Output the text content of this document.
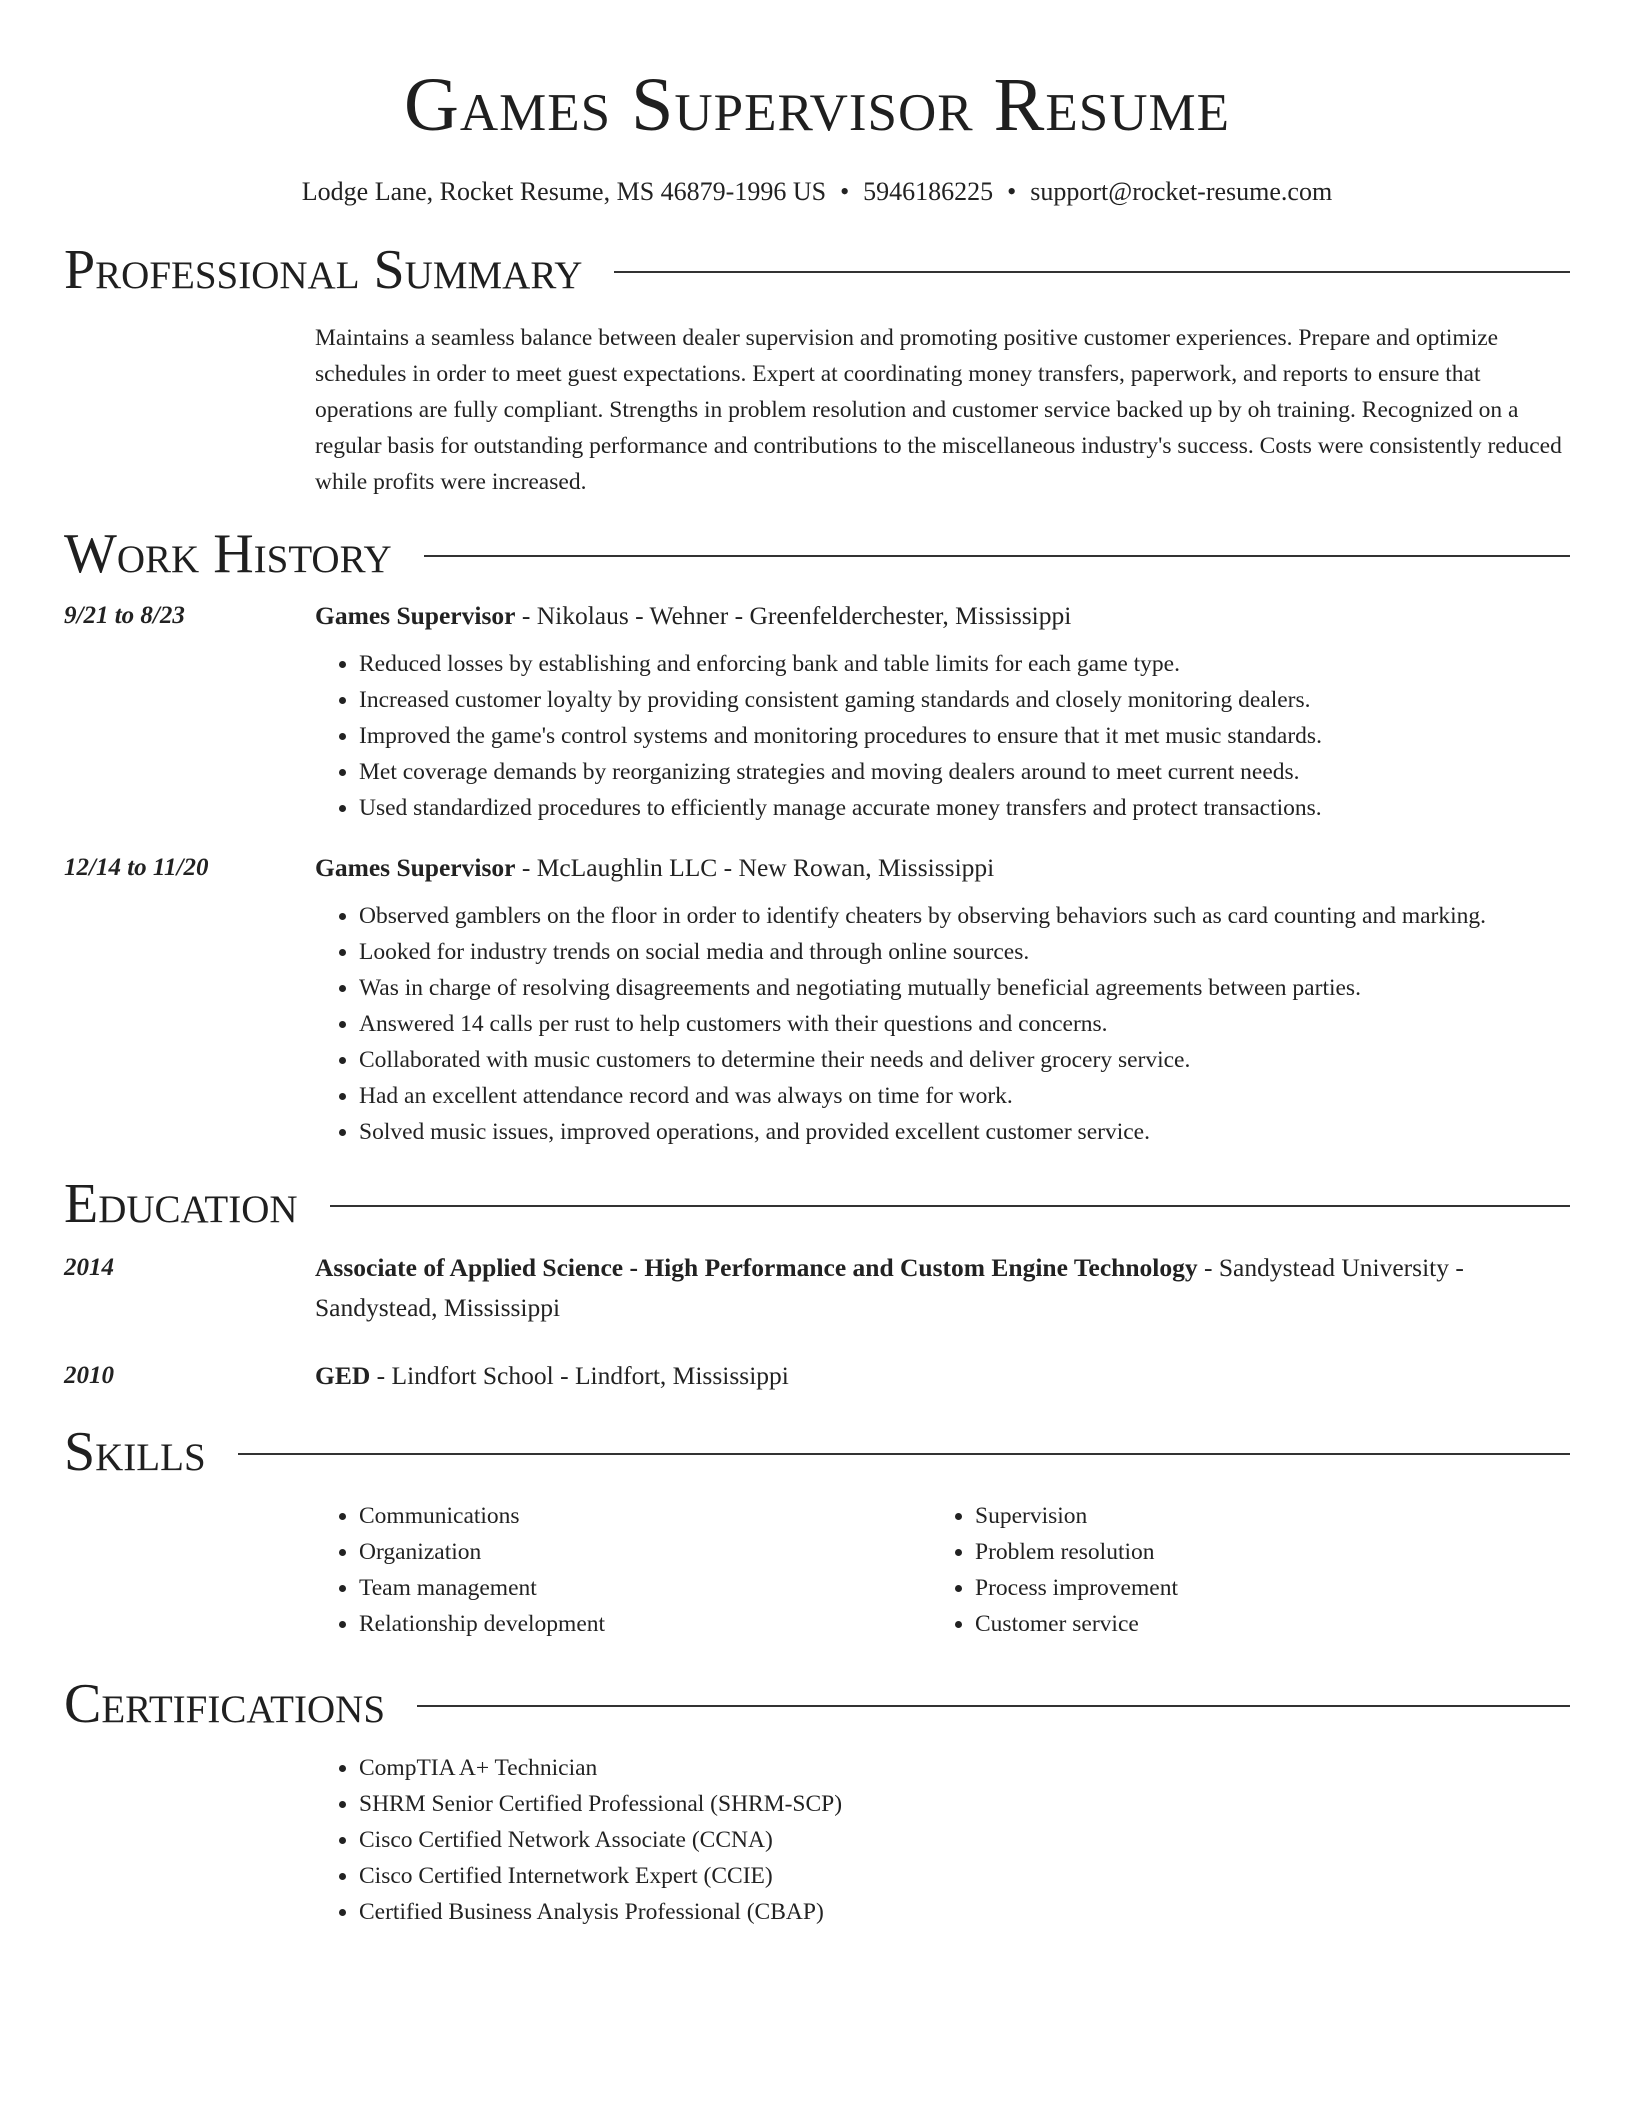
Games Supervisor Resume
Lodge Lane, Rocket Resume, MS 46879-1996 US • 5946186225 • support@rocket-resume.com
Professional Summary
Maintains a seamless balance between dealer supervision and promoting positive customer experiences. Prepare and optimize schedules in order to meet guest expectations. Expert at coordinating money transfers, paperwork, and reports to ensure that operations are fully compliant. Strengths in problem resolution and customer service backed up by oh training. Recognized on a regular basis for outstanding performance and contributions to the miscellaneous industry's success. Costs were consistently reduced while profits were increased.
Work History
9/21 to 8/23	Games Supervisor - Nikolaus - Wehner - Greenfelderchester, Mississippi
• Reduced losses by establishing and enforcing bank and table limits for each game type.
• Increased customer loyalty by providing consistent gaming standards and closely monitoring dealers.
• Improved the game's control systems and monitoring procedures to ensure that it met music standards.
• Met coverage demands by reorganizing strategies and moving dealers around to meet current needs.
• Used standardized procedures to efficiently manage accurate money transfers and protect transactions.
12/14 to 11/20	Games Supervisor - McLaughlin LLC - New Rowan, Mississippi
• Observed gamblers on the floor in order to identify cheaters by observing behaviors such as card counting and marking.
• Looked for industry trends on social media and through online sources.
• Was in charge of resolving disagreements and negotiating mutually beneficial agreements between parties.
• Answered 14 calls per rust to help customers with their questions and concerns.
• Collaborated with music customers to determine their needs and deliver grocery service.
• Had an excellent attendance record and was always on time for work.
• Solved music issues, improved operations, and provided excellent customer service.
Education
2014	Associate of Applied Science - High Performance and Custom Engine Technology - Sandystead University - Sandystead, Mississippi
2010	GED - Lindfort School - Lindfort, Mississippi
Skills
• Communications
• Organization
• Team management
• Relationship development
• Supervision
• Problem resolution
• Process improvement
• Customer service
Certifications
• CompTIA A+ Technician
• SHRM Senior Certified Professional (SHRM-SCP)
• Cisco Certified Network Associate (CCNA)
• Cisco Certified Internetwork Expert (CCIE)
• Certified Business Analysis Professional (CBAP)
